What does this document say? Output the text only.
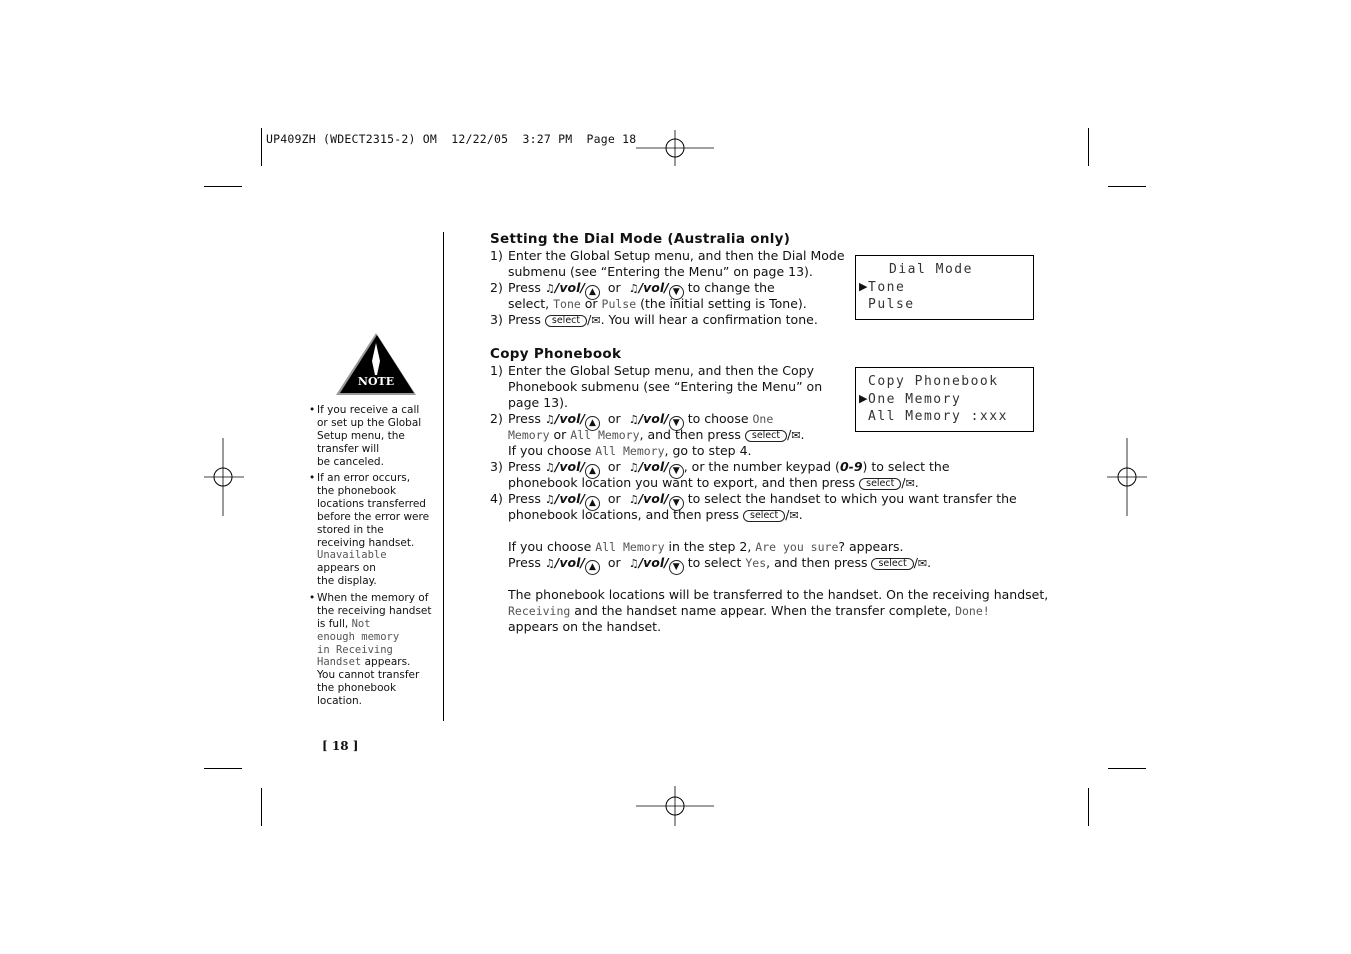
UP409ZH (WDECT2315-2) OM  12/22/05  3:27 PM  Page 18
NOTE
• If you receive a call
or set up the Global
Setup menu, the
transfer will
be canceled.
• If an error occurs,
the phonebook
locations transferred
before the error were
stored in the
receiving handset.
Unavailable
appears on
the display.
• When the memory of
the receiving handset
is full, Not
enough memory
in Receiving
Handset appears.
You cannot transfer
the phonebook
location.
[ 18 ]
Setting the Dial Mode (Australia only)
1) Enter the Global Setup menu, and then the Dial Mode
submenu (see “Entering the Menu” on page 13).
2) Press ♫/vol/ ▲ or ♫/vol/ ▼ to change the
select, Tone or Pulse (the initial setting is Tone).
3) Press select /✉. You will hear a confirmation tone.
Dial Mode
▶ Tone
Pulse
Copy Phonebook
1) Enter the Global Setup menu, and then the Copy
Phonebook submenu (see “Entering the Menu” on
page 13).
2) Press ♫/vol/ ▲ or ♫/vol/ ▼ to choose One
Memory or All Memory, and then press select /✉.
If you choose All Memory, go to step 4.
3) Press ♫/vol/ ▲ or ♫/vol/ ▼ , or the number keypad (0-9) to select the
phonebook location you want to export, and then press select /✉.
4) Press ♫/vol/ ▲ or ♫/vol/ ▼ to select the handset to which you want transfer the
phonebook locations, and then press select /✉.
If you choose All Memory in the step 2, Are you sure? appears.
Press ♫/vol/ ▲ or ♫/vol/ ▼ to select Yes, and then press select /✉.
The phonebook locations will be transferred to the handset. On the receiving handset,
Receiving and the handset name appear. When the transfer complete, Done!
appears on the handset.
Copy Phonebook
▶ One Memory
All Memory :xxx
